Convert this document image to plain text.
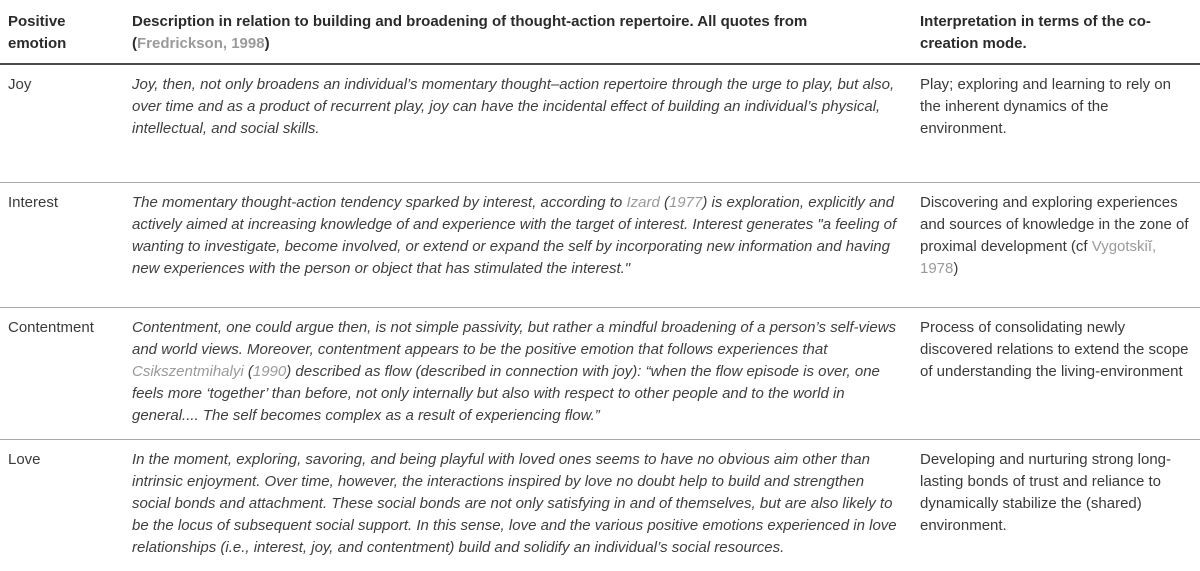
Positive emotion	Description in relation to building and broadening of thought-action repertoire. All quotes from (Fredrickson, 1998)	Interpretation in terms of the co-creation mode.
Joy	Joy, then, not only broadens an individual’s momentary thought–action repertoire through the urge to play, but also, over time and as a product of recurrent play, joy can have the incidental effect of building an individual’s physical, intellectual, and social skills.	Play; exploring and learning to rely on the inherent dynamics of the environment.
Interest	The momentary thought-action tendency sparked by interest, according to Izard (1977) is exploration, explicitly and actively aimed at increasing knowledge of and experience with the target of interest. Interest generates "a feeling of wanting to investigate, become involved, or extend or expand the self by incorporating new information and having new experiences with the person or object that has stimulated the interest."	Discovering and exploring experiences and sources of knowledge in the zone of proximal development (cf Vygotskiĭ, 1978)
Contentment	Contentment, one could argue then, is not simple passivity, but rather a mindful broadening of a person’s self-views and world views. Moreover, contentment appears to be the positive emotion that follows experiences that Csikszentmihalyi (1990) described as flow (described in connection with joy): “when the flow episode is over, one feels more ‘together’ than before, not only internally but also with respect to other people and to the world in general.... The self becomes complex as a result of experiencing flow.”	Process of consolidating newly discovered relations to extend the scope of understanding the living-environment
Love	In the moment, exploring, savoring, and being playful with loved ones seems to have no obvious aim other than intrinsic enjoyment. Over time, however, the interactions inspired by love no doubt help to build and strengthen social bonds and attachment. These social bonds are not only satisfying in and of themselves, but are also likely to be the locus of subsequent social support. In this sense, love and the various positive emotions experienced in love relationships (i.e., interest, joy, and contentment) build and solidify an individual’s social resources.	Developing and nurturing strong long-lasting bonds of trust and reliance to dynamically stabilize the (shared) environment.
